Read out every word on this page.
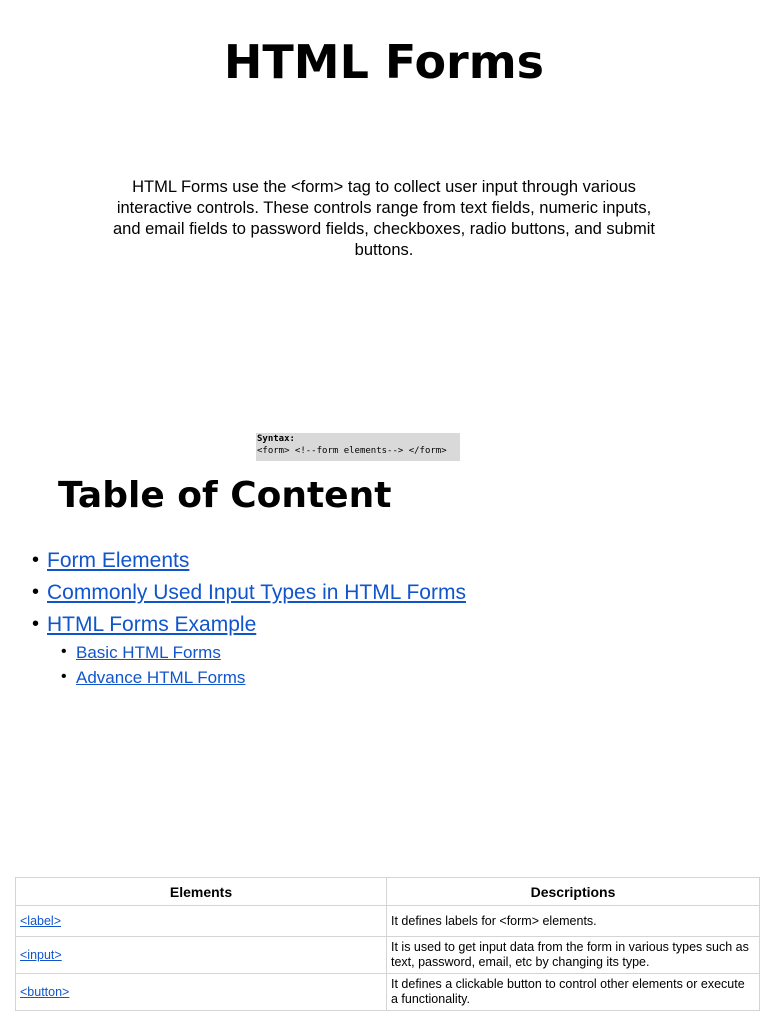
HTML Forms
HTML Forms use the <form> tag to collect user input through various interactive controls. These controls range from text fields, numeric inputs, and email fields to password fields, checkboxes, radio buttons, and submit buttons.
Syntax:
<form> <!--form elements--> </form>
Table of Content
• Form Elements
• Commonly Used Input Types in HTML Forms
• HTML Forms Example
• Basic HTML Forms
• Advance HTML Forms
Elements	Descriptions
<label>	It defines labels for <form> elements.
<input>	It is used to get input data from the form in various types such as text, password, email, etc by changing its type.
<button>	It defines a clickable button to control other elements or execute a functionality.
